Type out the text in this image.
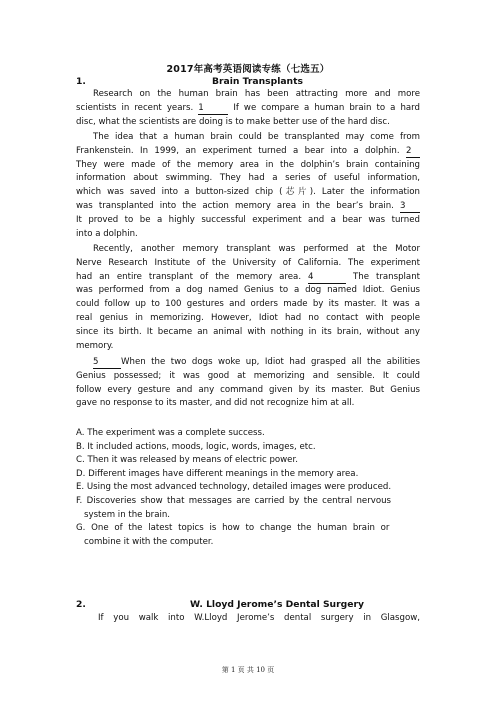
2017年高考英语阅读专练（七选五）
1.	Brain Transplants
Research on the human brain has been attracting more and more
scientists in recent years. 1	If we compare a human brain to a hard
disc, what the scientists are doing is to make better use of the hard disc.
The idea that a human brain could be transplanted may come from
Frankenstein. In 1999, an experiment turned a bear into a dolphin. 2
They were made of the memory area in the dolphin’s brain containing
information about swimming. They had a series of useful information,
which was saved into a button-sized chip (芯片). Later the information
was transplanted into the action memory area in the bear’s brain. 3
It proved to be a highly successful experiment and a bear was turned
into a dolphin.
Recently, another memory transplant was performed at the Motor
Nerve Research Institute of the University of California. The experiment
had an entire transplant of the memory area. 4	The transplant
was performed from a dog named Genius to a dog named Idiot. Genius
could follow up to 100 gestures and orders made by its master. It was a
real genius in memorizing. However, Idiot had no contact with people
since its birth. It became an animal with nothing in its brain, without any
memory.
5	When the two dogs woke up, Idiot had grasped all the abilities
Genius possessed; it was good at memorizing and sensible. It could
follow every gesture and any command given by its master. But Genius
gave no response to its master, and did not recognize him at all.
A. The experiment was a complete success.
B. It included actions, moods, logic, words, images, etc.
C. Then it was released by means of electric power.
D. Different images have different meanings in the memory area.
E. Using the most advanced technology, detailed images were produced.
F. Discoveries show that messages are carried by the central nervous
system in the brain.
G. One of the latest topics is how to change the human brain or
combine it with the computer.
2.	W. Lloyd Jerome’s Dental Surgery
If you walk into W.Lloyd Jerome’s dental surgery in Glasgow,
第 1 页 共 10 页
